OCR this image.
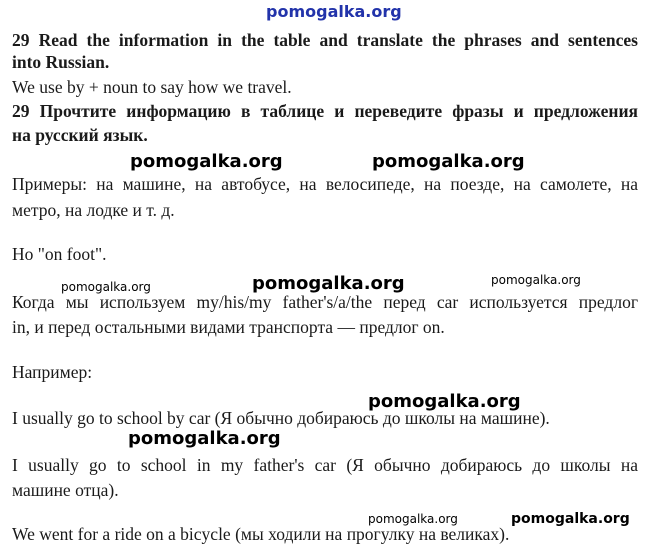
pomogalka.org

29 Read the information in the table and translate the phrases and sentences

into Russian.

We use by + noun to say how we travel.

29 Прочтите информацию в таблице и переведите фразы и предложения

на русский язык.

pomogalka.org	pomogalka.org

Примеры: на машине, на автобусе, на велосипеде, на поезде, на самолете, на

метро, на лодке и т. д.

Но "on foot".

pomogalka.org	pomogalka.org	pomogalka.org

Когда мы используем my/his/my father's/a/the перед car используется предлог

in, и перед остальными видами транспорта — предлог on.

Например:

pomogalka.org

I usually go to school by car (Я обычно добираюсь до школы на машине).

pomogalka.org

I usually go to school in my father's car (Я обычно добираюсь до школы на

машине отца).

pomogalka.org	pomogalka.org

We went for a ride on a bicycle (мы ходили на прогулку на великах).
